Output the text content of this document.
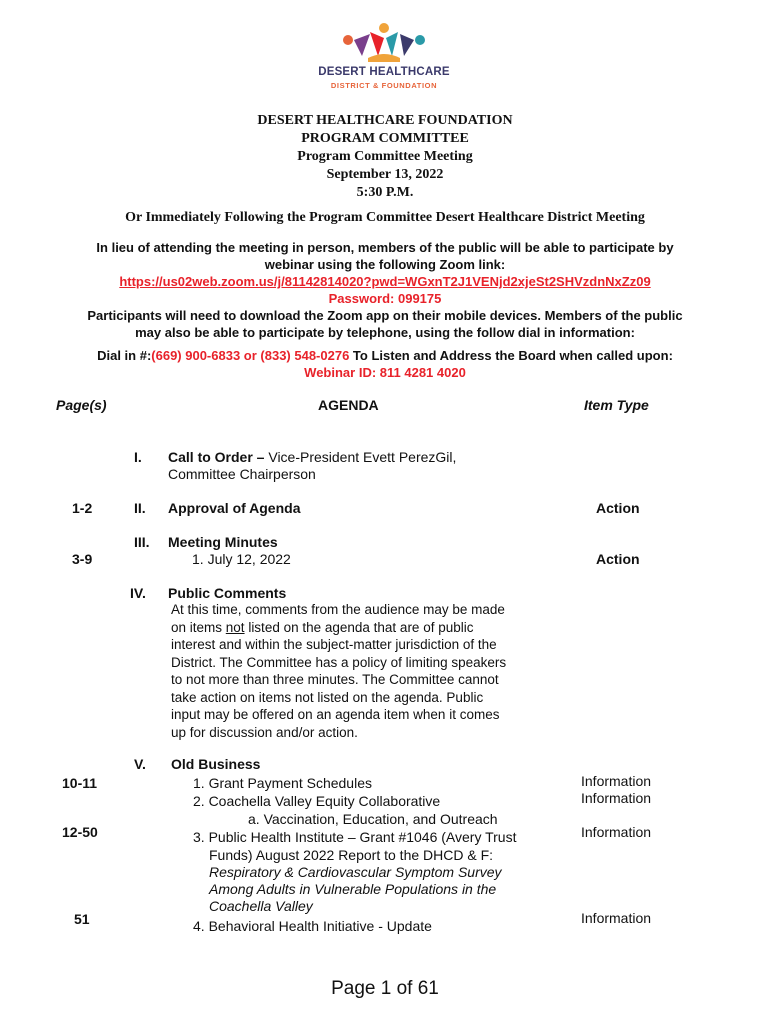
DESERT HEALTHCARE
DISTRICT & FOUNDATION
DESERT HEALTHCARE FOUNDATION
PROGRAM COMMITTEE
Program Committee Meeting
September 13, 2022
5:30 P.M.
Or Immediately Following the Program Committee Desert Healthcare District Meeting
In lieu of attending the meeting in person, members of the public will be able to participate by
webinar using the following Zoom link:
https://us02web.zoom.us/j/81142814020?pwd=WGxnT2J1VENjd2xjeSt2SHVzdnNxZz09
Password: 099175
Participants will need to download the Zoom app on their mobile devices. Members of the public
may also be able to participate by telephone, using the follow dial in information:
Dial in #:(669) 900-6833 or (833) 548-0276 To Listen and Address the Board when called upon:
Webinar ID: 811 4281 4020
Page(s)	AGENDA	Item Type
I. Call to Order – Vice-President Evett PerezGil,
Committee Chairperson
1-2	II. Approval of Agenda	Action
III. Meeting Minutes
3-9	1. July 12, 2022	Action
IV. Public Comments
At this time, comments from the audience may be made
on items not listed on the agenda that are of public
interest and within the subject-matter jurisdiction of the
District. The Committee has a policy of limiting speakers
to not more than three minutes. The Committee cannot
take action on items not listed on the agenda. Public
input may be offered on an agenda item when it comes
up for discussion and/or action.
V. Old Business
10-11	1. Grant Payment Schedules	Information
2. Coachella Valley Equity Collaborative	Information
a. Vaccination, Education, and Outreach
12-50	3. Public Health Institute – Grant #1046 (Avery Trust	Information
Funds) August 2022 Report to the DHCD & F:
Respiratory & Cardiovascular Symptom Survey
Among Adults in Vulnerable Populations in the
Coachella Valley
51	4. Behavioral Health Initiative - Update	Information
Page 1 of 61
